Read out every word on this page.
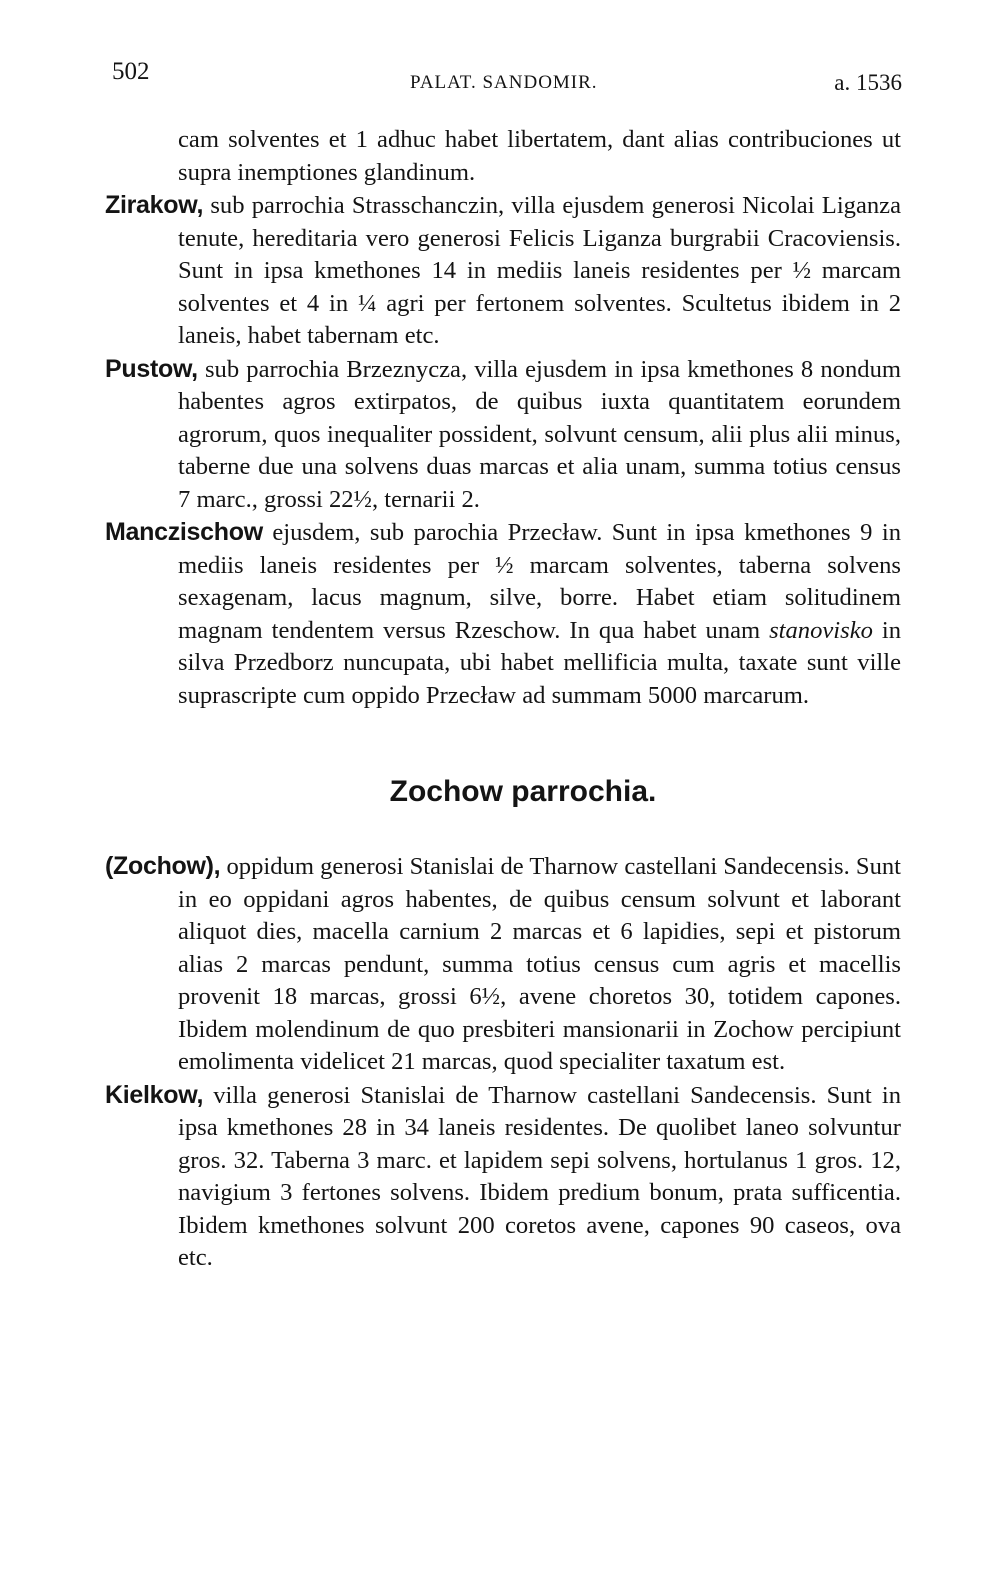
502	PALAT. SANDOMIR.	a. 1536

cam solventes et 1 adhuc habet libertatem, dant alias contribuciones ut supra inemptiones glandinum.

Zirakow, sub parrochia Strasschanczin, villa ejusdem generosi Nicolai Liganza tenute, hereditaria vero generosi Felicis Liganza burgrabii Cracoviensis. Sunt in ipsa kmethones 14 in mediis laneis residentes per ½ marcam solventes et 4 in ¼ agri per fertonem solventes. Scultetus ibidem in 2 laneis, habet tabernam etc.

Pustow, sub parrochia Brzeznycza, villa ejusdem in ipsa kmethones 8 nondum habentes agros extirpatos, de quibus iuxta quantitatem eorundem agrorum, quos inequaliter possident, solvunt censum, alii plus alii minus, taberne due una solvens duas marcas et alia unam, summa totius census 7 marc., grossi 22½, ternarii 2.

Manczischow ejusdem, sub parochia Przecław. Sunt in ipsa kmethones 9 in mediis laneis residentes per ½ marcam solventes, taberna solvens sexagenam, lacus magnum, silve, borre. Habet etiam solitudinem magnam tendentem versus Rzeschow. In qua habet unam stanovisko in silva Przedborz nuncupata, ubi habet mellificia multa, taxate sunt ville suprascripte cum oppido Przecław ad summam 5000 marcarum.

Zochow parrochia.

(Zochow), oppidum generosi Stanislai de Tharnow castellani Sandecensis. Sunt in eo oppidani agros habentes, de quibus censum solvunt et laborant aliquot dies, macella carnium 2 marcas et 6 lapidies, sepi et pistorum alias 2 marcas pendunt, summa totius census cum agris et macellis provenit 18 marcas, grossi 6½, avene choretos 30, totidem capones. Ibidem molendinum de quo presbiteri mansionarii in Zochow percipiunt emolimenta videlicet 21 marcas, quod specialiter taxatum est.

Kielkow, villa generosi Stanislai de Tharnow castellani Sandecensis. Sunt in ipsa kmethones 28 in 34 laneis residentes. De quolibet laneo solvuntur gros. 32. Taberna 3 marc. et lapidem sepi solvens, hortulanus 1 gros. 12, navigium 3 fertones solvens. Ibidem predium bonum, prata sufficentia. Ibidem kmethones solvunt 200 coretos avene, capones 90 caseos, ova etc.
